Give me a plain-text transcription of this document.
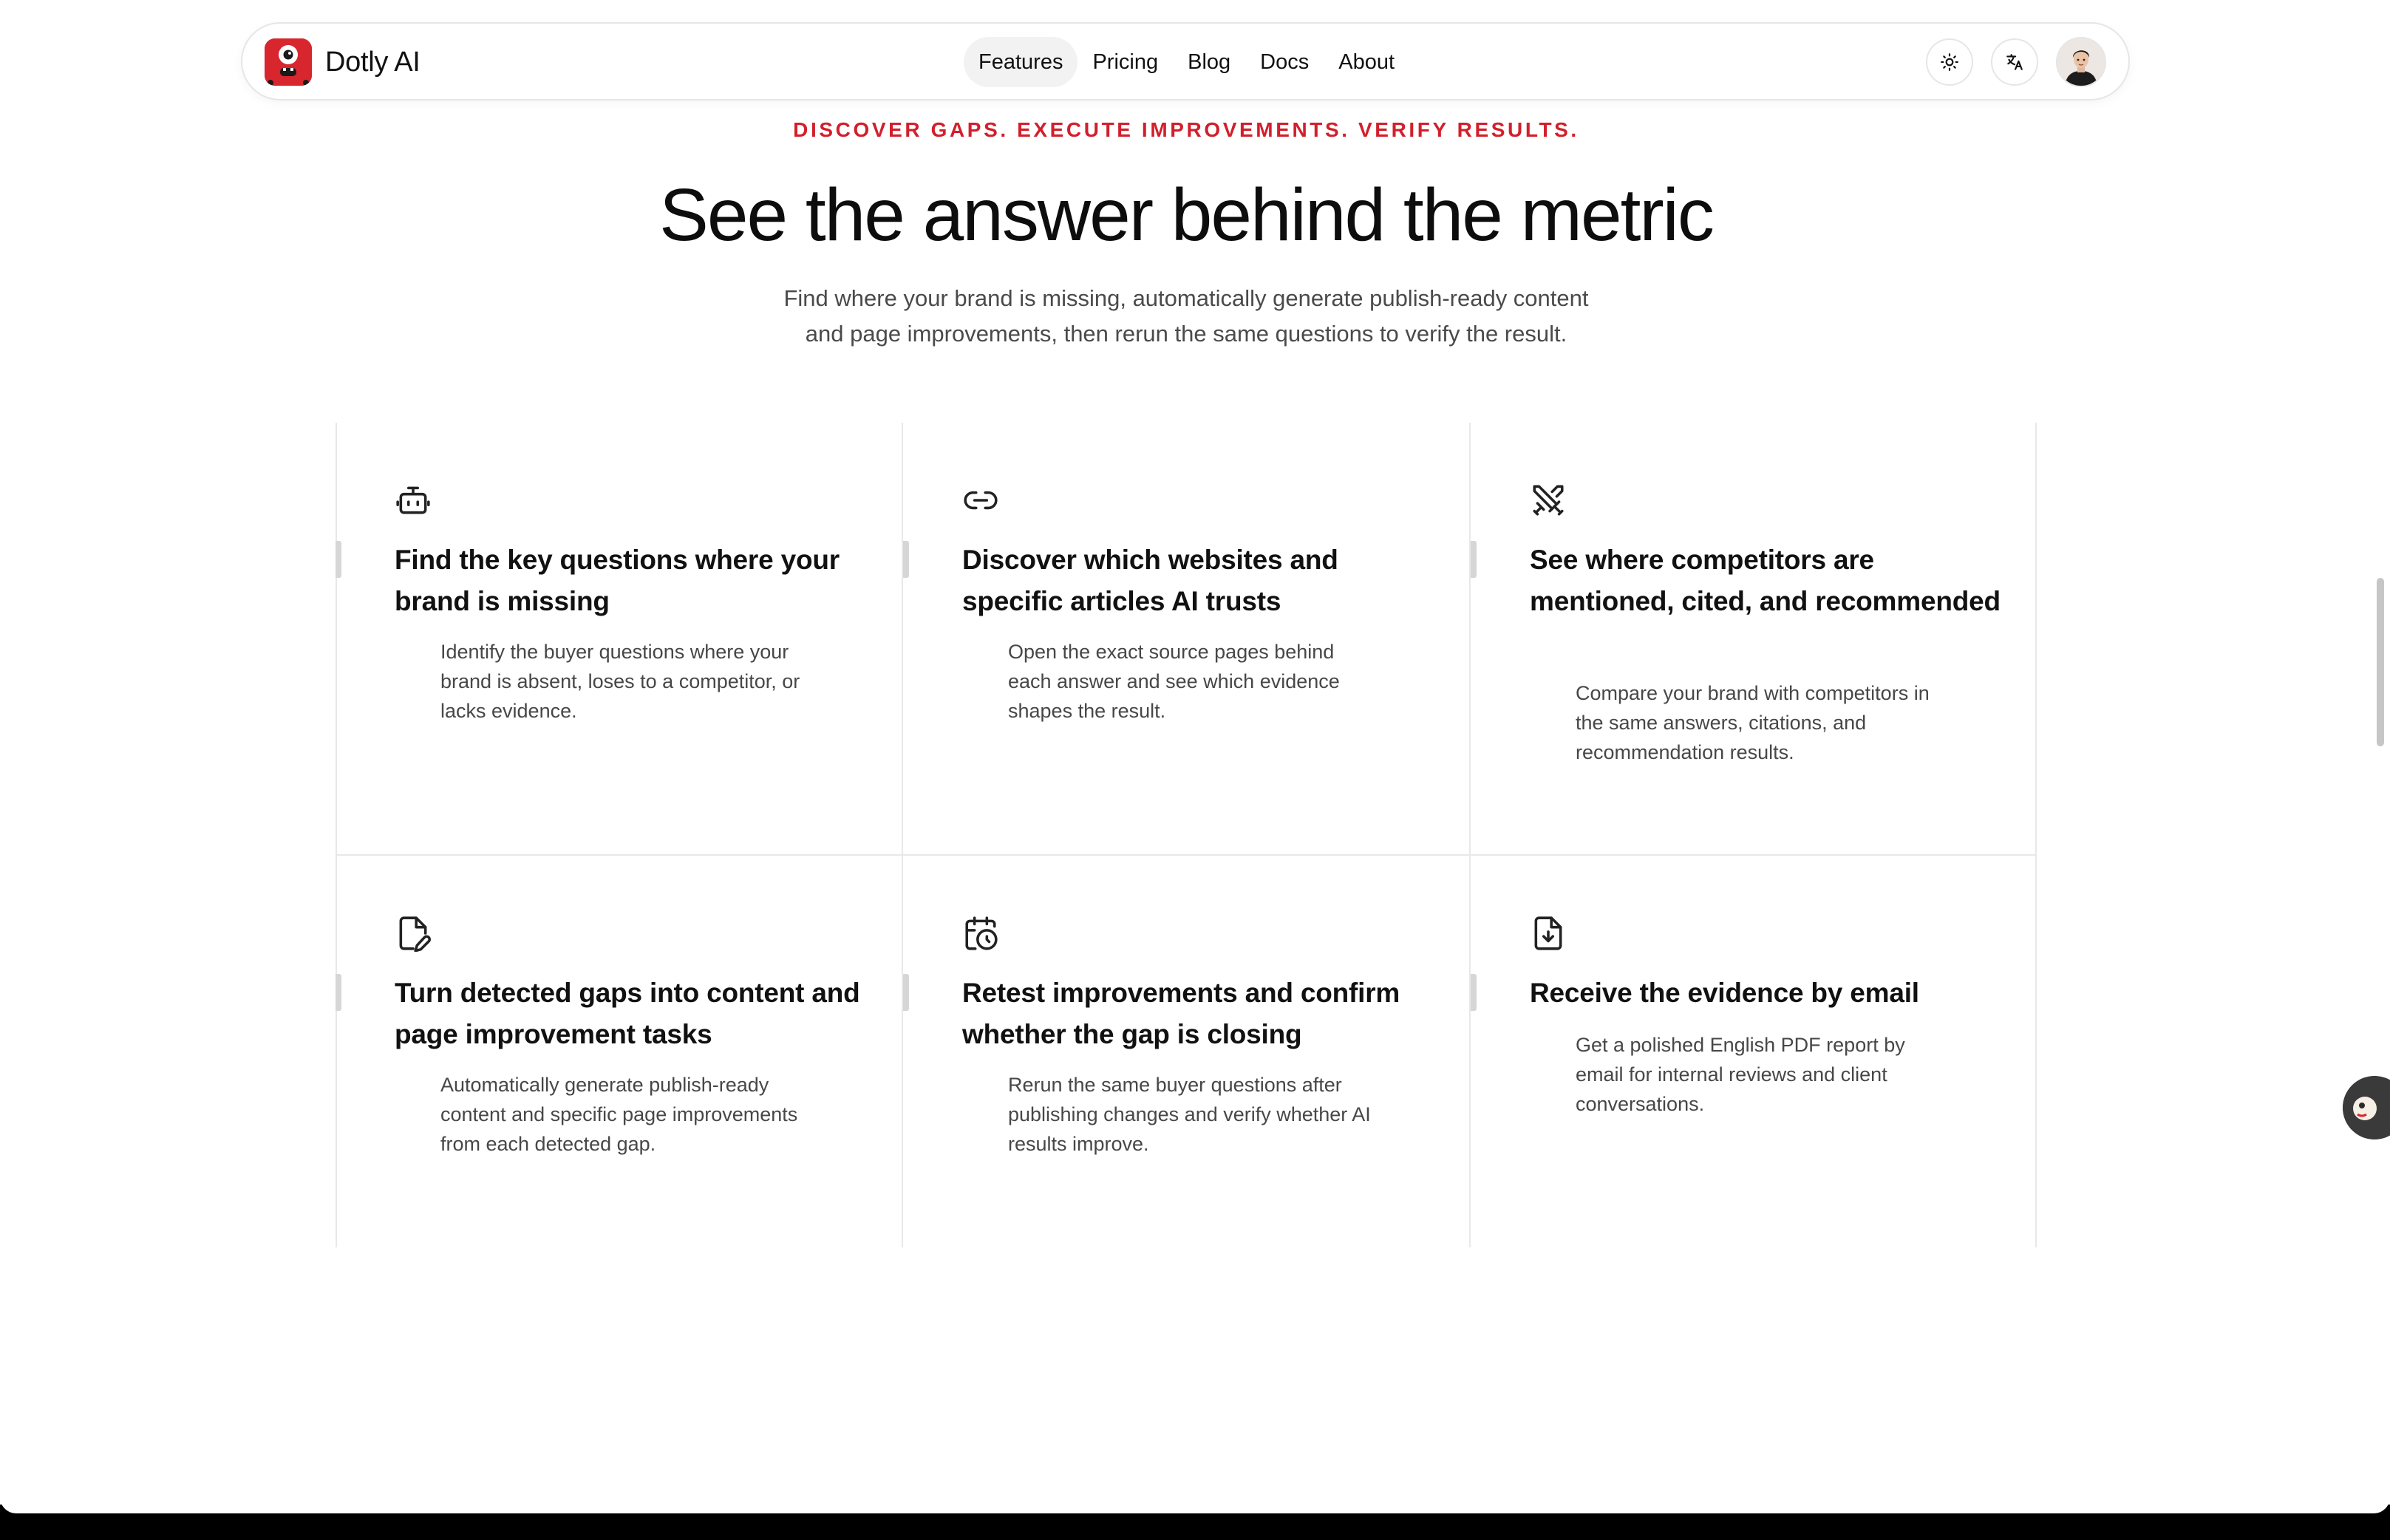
Dotly AI	Features	Pricing	Blog	Docs	About
DISCOVER GAPS. EXECUTE IMPROVEMENTS. VERIFY RESULTS.
See the answer behind the metric
Find where your brand is missing, automatically generate publish-ready content
and page improvements, then rerun the same questions to verify the result.
Find the key questions where your brand is missing
Identify the buyer questions where your brand is absent, loses to a competitor, or lacks evidence.
Discover which websites and specific articles AI trusts
Open the exact source pages behind each answer and see which evidence shapes the result.
See where competitors are mentioned, cited, and recommended
Compare your brand with competitors in the same answers, citations, and recommendation results.
Turn detected gaps into content and page improvement tasks
Automatically generate publish-ready content and specific page improvements from each detected gap.
Retest improvements and confirm whether the gap is closing
Rerun the same buyer questions after publishing changes and verify whether AI results improve.
Receive the evidence by email
Get a polished English PDF report by email for internal reviews and client conversations.
